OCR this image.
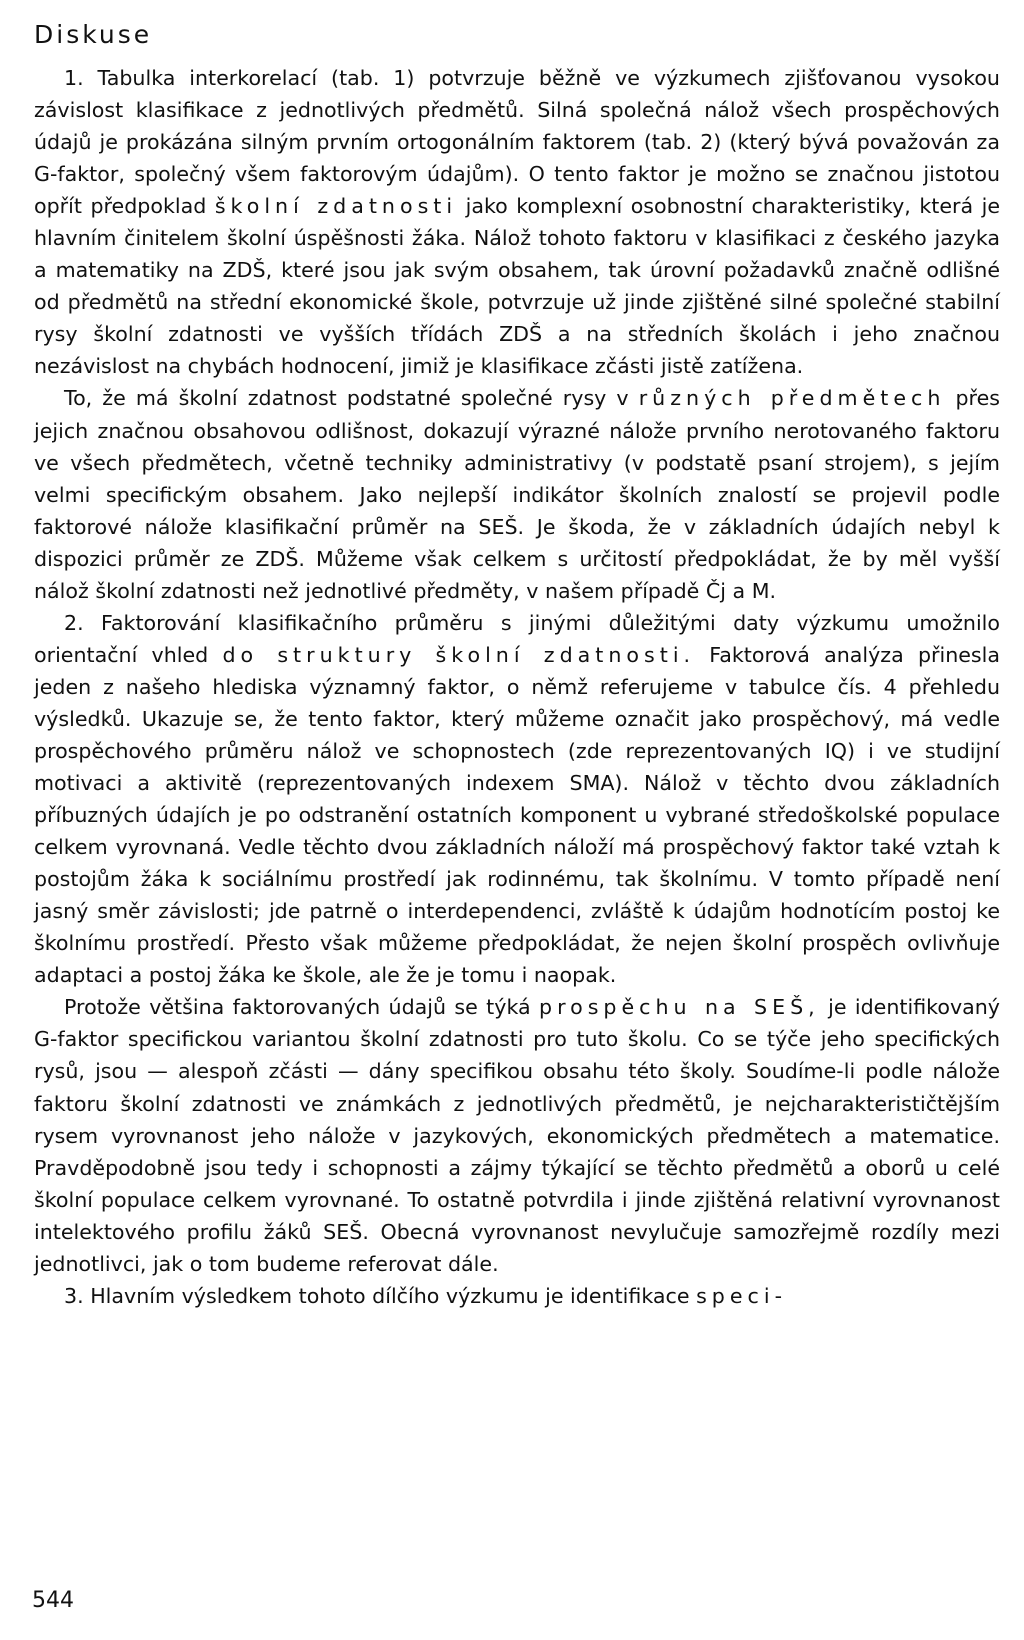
Diskuse

1. Tabulka interkorelací (tab. 1) potvrzuje běžně ve výzkumech zjišťovanou vysokou závislost klasifikace z jednotlivých předmětů. Silná společná nálož všech prospěchových údajů je prokázána silným prvním ortogonálním faktorem (tab. 2) (který bývá považován za G-faktor, společný všem faktorovým údajům). O tento faktor je možno se značnou jistotou opřít předpoklad školní zdatnosti jako komplexní osobnostní charakteristiky, která je hlavním činitelem školní úspěšnosti žáka. Nálož tohoto faktoru v klasifikaci z českého jazyka a matematiky na ZDŠ, které jsou jak svým obsahem, tak úrovní požadavků značně odlišné od předmětů na střední ekonomické škole, potvrzuje už jinde zjištěné silné společné stabilní rysy školní zdatnosti ve vyšších třídách ZDŠ a na středních školách i jeho značnou nezávislost na chybách hodnocení, jimiž je klasifikace zčásti jistě zatížena.

To, že má školní zdatnost podstatné společné rysy v různých předmětech přes jejich značnou obsahovou odlišnost, dokazují výrazné nálože prvního nerotovaného faktoru ve všech předmětech, včetně techniky administrativy (v podstatě psaní strojem), s jejím velmi specifickým obsahem. Jako nejlepší indikátor školních znalostí se projevil podle faktorové nálože klasifikační průměr na SEŠ. Je škoda, že v základních údajích nebyl k dispozici průměr ze ZDŠ. Můžeme však celkem s určitostí předpokládat, že by měl vyšší nálož školní zdatnosti než jednotlivé předměty, v našem případě Čj a M.

2. Faktorování klasifikačního průměru s jinými důležitými daty výzkumu umožnilo orientační vhled do struktury školní zdatnosti. Faktorová analýza přinesla jeden z našeho hlediska významný faktor, o němž referujeme v tabulce čís. 4 přehledu výsledků. Ukazuje se, že tento faktor, který můžeme označit jako prospěchový, má vedle prospěchového průměru nálož ve schopnostech (zde reprezentovaných IQ) i ve studijní motivaci a aktivitě (reprezentovaných indexem SMA). Nálož v těchto dvou základních příbuzných údajích je po odstranění ostatních komponent u vybrané středoškolské populace celkem vyrovnaná. Vedle těchto dvou základních náloží má prospěchový faktor také vztah k postojům žáka k sociálnímu prostředí jak rodinnému, tak školnímu. V tomto případě není jasný směr závislosti; jde patrně o interdependenci, zvláště k údajům hodnotícím postoj ke školnímu prostředí. Přesto však můžeme předpokládat, že nejen školní prospěch ovlivňuje adaptaci a postoj žáka ke škole, ale že je tomu i naopak.

Protože většina faktorovaných údajů se týká prospěchu na SEŠ, je identifikovaný G-faktor specifickou variantou školní zdatnosti pro tuto školu. Co se týče jeho specifických rysů, jsou — alespoň zčásti — dány specifikou obsahu této školy. Soudíme-li podle nálože faktoru školní zdatnosti ve známkách z jednotlivých předmětů, je nejcharakterističtějším rysem vyrovnanost jeho nálože v jazykových, ekonomických předmětech a matematice. Pravděpodobně jsou tedy i schopnosti a zájmy týkající se těchto předmětů a oborů u celé školní populace celkem vyrovnané. To ostatně potvrdila i jinde zjištěná relativní vyrovnanost intelektového profilu žáků SEŠ. Obecná vyrovnanost nevylučuje samozřejmě rozdíly mezi jednotlivci, jak o tom budeme referovat dále.

3. Hlavním výsledkem tohoto dílčího výzkumu je identifikace speci-

544
